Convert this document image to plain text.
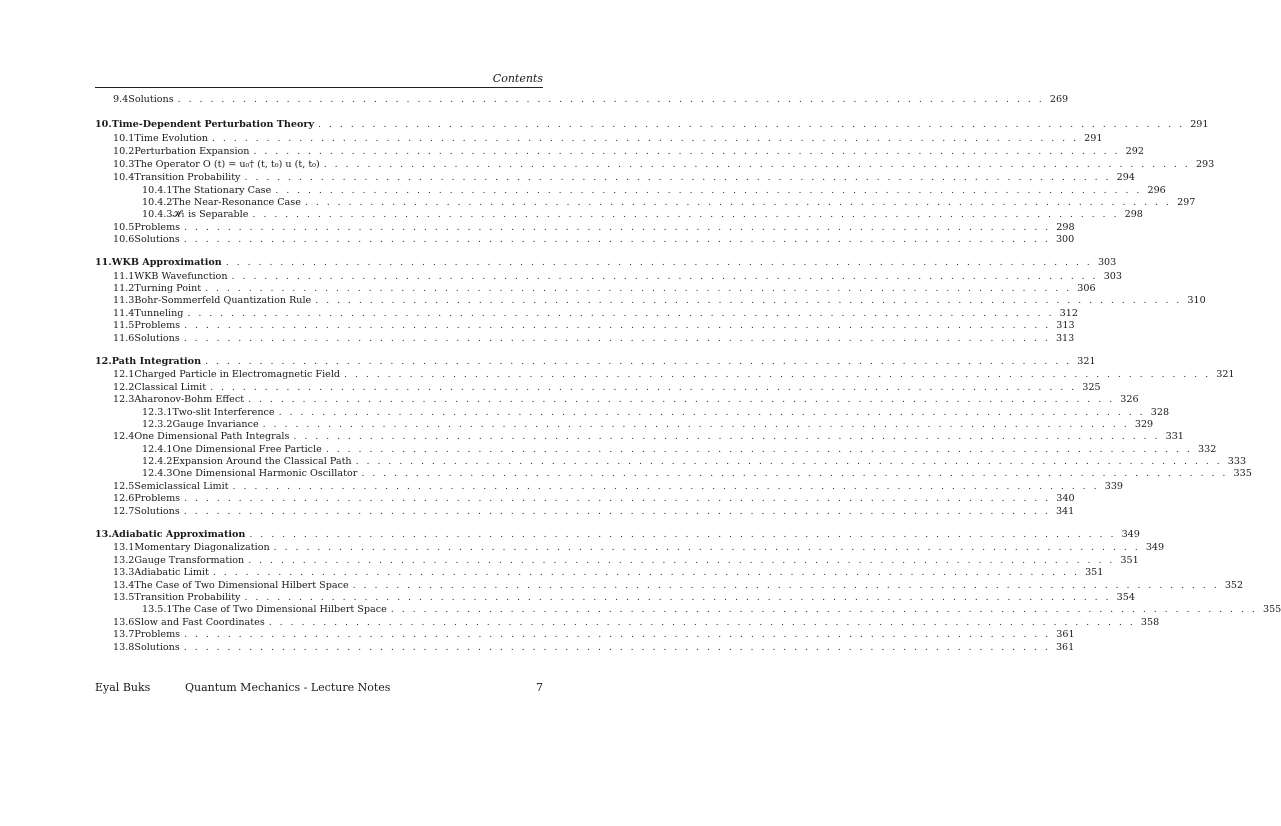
Contents
9.4 Solutions . . . . . . . . . . . . . . . . . . . . . . . . . . . . . . . . . . . . . . . . . . . . . . . . . . . . . . . . . . . . . . . . . . . . . . . . . . . . . . . . 269
10. Time-Dependent Perturbation Theory . . . . . . . . . . . . . . . . . . . . . . . . . . . . . . . . . . . . . . . . . . . . . . . . . . . . . . . . . . . . . . . . . . . . . . . . . . . . . . . . 291
10.1 Time Evolution . . . . . . . . . . . . . . . . . . . . . . . . . . . . . . . . . . . . . . . . . . . . . . . . . . . . . . . . . . . . . . . . . . . . . . . . . . . . . . . . 291
10.2 Perturbation Expansion . . . . . . . . . . . . . . . . . . . . . . . . . . . . . . . . . . . . . . . . . . . . . . . . . . . . . . . . . . . . . . . . . . . . . . . . . . . . . . . . 292
10.3 The Operator O (t) = u₀† (t, t₀) u (t, t₀) . . . . . . . . . . . . . . . . . . . . . . . . . . . . . . . . . . . . . . . . . . . . . . . . . . . . . . . . . . . . . . . . . . . . . . . . . . . . . . . . 293
10.4 Transition Probability . . . . . . . . . . . . . . . . . . . . . . . . . . . . . . . . . . . . . . . . . . . . . . . . . . . . . . . . . . . . . . . . . . . . . . . . . . . . . . . . 294
10.4.1 The Stationary Case . . . . . . . . . . . . . . . . . . . . . . . . . . . . . . . . . . . . . . . . . . . . . . . . . . . . . . . . . . . . . . . . . . . . . . . . . . . . . . . . 296
10.4.2 The Near-Resonance Case . . . . . . . . . . . . . . . . . . . . . . . . . . . . . . . . . . . . . . . . . . . . . . . . . . . . . . . . . . . . . . . . . . . . . . . . . . . . . . . . 297
10.4.3 𝓗₁ is Separable . . . . . . . . . . . . . . . . . . . . . . . . . . . . . . . . . . . . . . . . . . . . . . . . . . . . . . . . . . . . . . . . . . . . . . . . . . . . . . . . 298
10.5 Problems . . . . . . . . . . . . . . . . . . . . . . . . . . . . . . . . . . . . . . . . . . . . . . . . . . . . . . . . . . . . . . . . . . . . . . . . . . . . . . . . 298
10.6 Solutions . . . . . . . . . . . . . . . . . . . . . . . . . . . . . . . . . . . . . . . . . . . . . . . . . . . . . . . . . . . . . . . . . . . . . . . . . . . . . . . . 300
11. WKB Approximation . . . . . . . . . . . . . . . . . . . . . . . . . . . . . . . . . . . . . . . . . . . . . . . . . . . . . . . . . . . . . . . . . . . . . . . . . . . . . . . . 303
11.1 WKB Wavefunction . . . . . . . . . . . . . . . . . . . . . . . . . . . . . . . . . . . . . . . . . . . . . . . . . . . . . . . . . . . . . . . . . . . . . . . . . . . . . . . . 303
11.2 Turning Point . . . . . . . . . . . . . . . . . . . . . . . . . . . . . . . . . . . . . . . . . . . . . . . . . . . . . . . . . . . . . . . . . . . . . . . . . . . . . . . . 306
11.3 Bohr-Sommerfeld Quantization Rule . . . . . . . . . . . . . . . . . . . . . . . . . . . . . . . . . . . . . . . . . . . . . . . . . . . . . . . . . . . . . . . . . . . . . . . . . . . . . . . . 310
11.4 Tunneling . . . . . . . . . . . . . . . . . . . . . . . . . . . . . . . . . . . . . . . . . . . . . . . . . . . . . . . . . . . . . . . . . . . . . . . . . . . . . . . . 312
11.5 Problems . . . . . . . . . . . . . . . . . . . . . . . . . . . . . . . . . . . . . . . . . . . . . . . . . . . . . . . . . . . . . . . . . . . . . . . . . . . . . . . . 313
11.6 Solutions . . . . . . . . . . . . . . . . . . . . . . . . . . . . . . . . . . . . . . . . . . . . . . . . . . . . . . . . . . . . . . . . . . . . . . . . . . . . . . . . 313
12. Path Integration . . . . . . . . . . . . . . . . . . . . . . . . . . . . . . . . . . . . . . . . . . . . . . . . . . . . . . . . . . . . . . . . . . . . . . . . . . . . . . . . 321
12.1 Charged Particle in Electromagnetic Field . . . . . . . . . . . . . . . . . . . . . . . . . . . . . . . . . . . . . . . . . . . . . . . . . . . . . . . . . . . . . . . . . . . . . . . . . . . . . . . . 321
12.2 Classical Limit . . . . . . . . . . . . . . . . . . . . . . . . . . . . . . . . . . . . . . . . . . . . . . . . . . . . . . . . . . . . . . . . . . . . . . . . . . . . . . . . 325
12.3 Aharonov-Bohm Effect . . . . . . . . . . . . . . . . . . . . . . . . . . . . . . . . . . . . . . . . . . . . . . . . . . . . . . . . . . . . . . . . . . . . . . . . . . . . . . . . 326
12.3.1 Two-slit Interference . . . . . . . . . . . . . . . . . . . . . . . . . . . . . . . . . . . . . . . . . . . . . . . . . . . . . . . . . . . . . . . . . . . . . . . . . . . . . . . . 328
12.3.2 Gauge Invariance . . . . . . . . . . . . . . . . . . . . . . . . . . . . . . . . . . . . . . . . . . . . . . . . . . . . . . . . . . . . . . . . . . . . . . . . . . . . . . . . 329
12.4 One Dimensional Path Integrals . . . . . . . . . . . . . . . . . . . . . . . . . . . . . . . . . . . . . . . . . . . . . . . . . . . . . . . . . . . . . . . . . . . . . . . . . . . . . . . . 331
12.4.1 One Dimensional Free Particle . . . . . . . . . . . . . . . . . . . . . . . . . . . . . . . . . . . . . . . . . . . . . . . . . . . . . . . . . . . . . . . . . . . . . . . . . . . . . . . . 332
12.4.2 Expansion Around the Classical Path . . . . . . . . . . . . . . . . . . . . . . . . . . . . . . . . . . . . . . . . . . . . . . . . . . . . . . . . . . . . . . . . . . . . . . . . . . . . . . . . 333
12.4.3 One Dimensional Harmonic Oscillator . . . . . . . . . . . . . . . . . . . . . . . . . . . . . . . . . . . . . . . . . . . . . . . . . . . . . . . . . . . . . . . . . . . . . . . . . . . . . . . . 335
12.5 Semiclassical Limit . . . . . . . . . . . . . . . . . . . . . . . . . . . . . . . . . . . . . . . . . . . . . . . . . . . . . . . . . . . . . . . . . . . . . . . . . . . . . . . . 339
12.6 Problems . . . . . . . . . . . . . . . . . . . . . . . . . . . . . . . . . . . . . . . . . . . . . . . . . . . . . . . . . . . . . . . . . . . . . . . . . . . . . . . . 340
12.7 Solutions . . . . . . . . . . . . . . . . . . . . . . . . . . . . . . . . . . . . . . . . . . . . . . . . . . . . . . . . . . . . . . . . . . . . . . . . . . . . . . . . 341
13. Adiabatic Approximation . . . . . . . . . . . . . . . . . . . . . . . . . . . . . . . . . . . . . . . . . . . . . . . . . . . . . . . . . . . . . . . . . . . . . . . . . . . . . . . . 349
13.1 Momentary Diagonalization . . . . . . . . . . . . . . . . . . . . . . . . . . . . . . . . . . . . . . . . . . . . . . . . . . . . . . . . . . . . . . . . . . . . . . . . . . . . . . . . 349
13.2 Gauge Transformation . . . . . . . . . . . . . . . . . . . . . . . . . . . . . . . . . . . . . . . . . . . . . . . . . . . . . . . . . . . . . . . . . . . . . . . . . . . . . . . . 351
13.3 Adiabatic Limit . . . . . . . . . . . . . . . . . . . . . . . . . . . . . . . . . . . . . . . . . . . . . . . . . . . . . . . . . . . . . . . . . . . . . . . . . . . . . . . . 351
13.4 The Case of Two Dimensional Hilbert Space . . . . . . . . . . . . . . . . . . . . . . . . . . . . . . . . . . . . . . . . . . . . . . . . . . . . . . . . . . . . . . . . . . . . . . . . . . . . . . . . 352
13.5 Transition Probability . . . . . . . . . . . . . . . . . . . . . . . . . . . . . . . . . . . . . . . . . . . . . . . . . . . . . . . . . . . . . . . . . . . . . . . . . . . . . . . . 354
13.5.1 The Case of Two Dimensional Hilbert Space . . . . . . . . . . . . . . . . . . . . . . . . . . . . . . . . . . . . . . . . . . . . . . . . . . . . . . . . . . . . . . . . . . . . . . . . . . . . . . . . 355
13.6 Slow and Fast Coordinates . . . . . . . . . . . . . . . . . . . . . . . . . . . . . . . . . . . . . . . . . . . . . . . . . . . . . . . . . . . . . . . . . . . . . . . . . . . . . . . . 358
13.7 Problems . . . . . . . . . . . . . . . . . . . . . . . . . . . . . . . . . . . . . . . . . . . . . . . . . . . . . . . . . . . . . . . . . . . . . . . . . . . . . . . . 361
13.8 Solutions . . . . . . . . . . . . . . . . . . . . . . . . . . . . . . . . . . . . . . . . . . . . . . . . . . . . . . . . . . . . . . . . . . . . . . . . . . . . . . . . 361
Eyal Buks	Quantum Mechanics - Lecture Notes	7
